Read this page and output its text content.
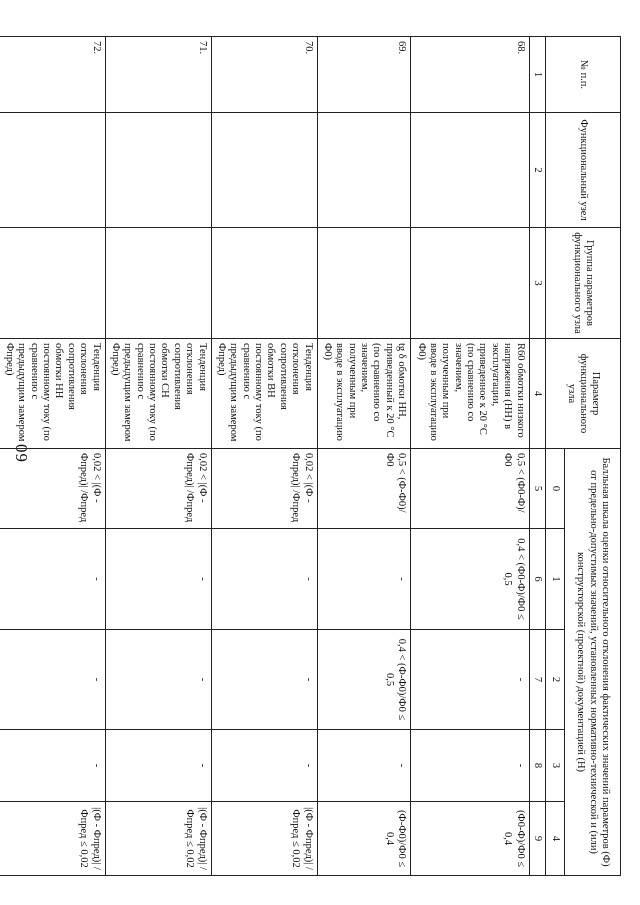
60
№ п.п.	Функциональный узел	Группа параметров функционального узла	Параметр функционального узла	Балльная шкала оценки относительного отклонения фактических значений параметров (Ф) от предельно-допустимых значений, установленных нормативно-технической и (или) конструкторской (проектной) документацией (Н)				
				0	1	2	3	4
1	2	3	4	5	6	7	8	9
68.			R60 обмотки низкого напряжения (НН) в эксплуатации, приведенное к 20 °С (по сравнению со значением, полученным при вводе в эксплуатацию Ф0)	0,5 < (Ф0-Ф)/Ф0	0,4 < (Ф0-Ф)/Ф0 ≤ 0,5	-	-	(Ф0-Ф)/Ф0 ≤ 0,4
69.			tg δ обмотки НН, приведенный к 20 °С (по сравнению со значением, полученным при вводе в эксплуатацию Ф0)	0,5 < (Ф-Ф0)/Ф0	-	0,4 < (Ф-Ф0)/Ф0 ≤ 0,5	-	(Ф-Ф0)/Ф0 ≤ 0,4
70.			Тенденция отклонения сопротивления обмотки ВН постоянному току (по сравнению с предыдущим замером Фпред)	0,02 < |(Ф - Фпред)| /Фпред	-	-	-	|(Ф - Фпред)| /Фпред ≤ 0,02
71.			Тенденция отклонения сопротивления обмотки СН постоянному току (по сравнению с предыдущим замером Фпред)	0,02 < |(Ф - Фпред)| /Фпред	-	-	-	|(Ф - Фпред)| /Фпред ≤ 0,02
72.			Тенденция отклонения сопротивления обмотки НН постоянному току (по сравнению с предыдущим замером Фпред)	0,02 < |(Ф - Фпред)| /Фпред	-	-	-	|(Ф - Фпред)| /Фпред ≤ 0,02
